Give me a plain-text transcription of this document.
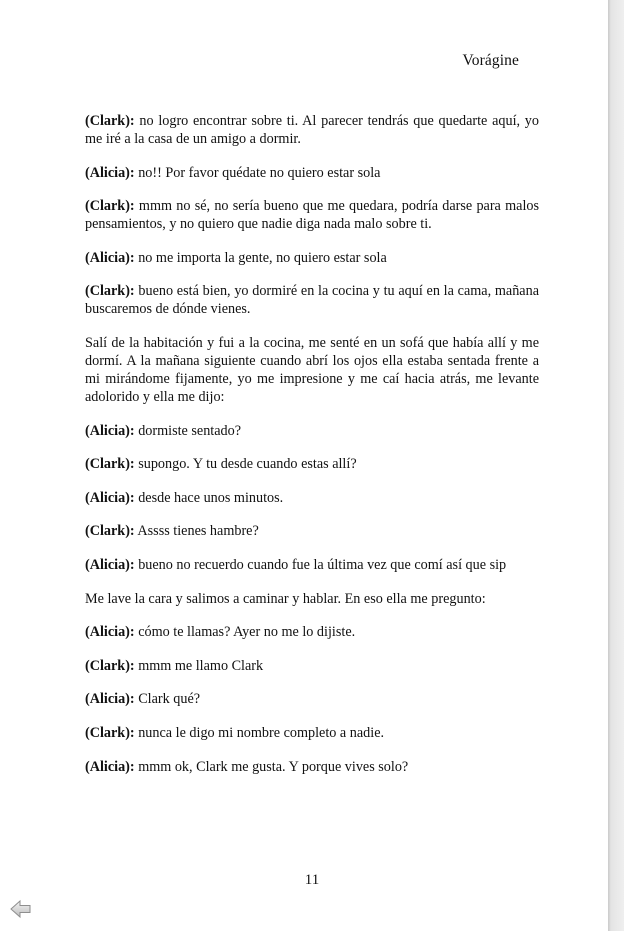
Vorágine

(Clark): no logro encontrar sobre ti. Al parecer tendrás que quedarte aquí, yo me iré a la casa de un amigo a dormir.

(Alicia): no!! Por favor quédate no quiero estar sola

(Clark): mmm no sé, no sería bueno que me quedara, podría darse para malos pensamientos, y no quiero que nadie diga nada malo sobre ti.

(Alicia): no me importa la gente, no quiero estar sola

(Clark): bueno está bien, yo dormiré en la cocina y tu aquí en la cama, mañana buscaremos de dónde vienes.

Salí de la habitación y fui a la cocina, me senté en un sofá que había allí y me dormí. A la mañana siguiente cuando abrí los ojos ella estaba sentada frente a mi mirándome fijamente, yo me impresione y me caí hacia atrás, me levante adolorido y ella me dijo:

(Alicia): dormiste sentado?

(Clark): supongo. Y tu desde cuando estas allí?

(Alicia): desde hace unos minutos.

(Clark): Assss tienes hambre?

(Alicia): bueno no recuerdo cuando fue la última vez que comí así que sip

Me lave la cara y salimos a caminar y hablar. En eso ella me pregunto:

(Alicia): cómo te llamas? Ayer no me lo dijiste.

(Clark): mmm me llamo Clark

(Alicia): Clark qué?

(Clark): nunca le digo mi nombre completo a nadie.

(Alicia): mmm ok, Clark me gusta. Y porque vives solo?

11
